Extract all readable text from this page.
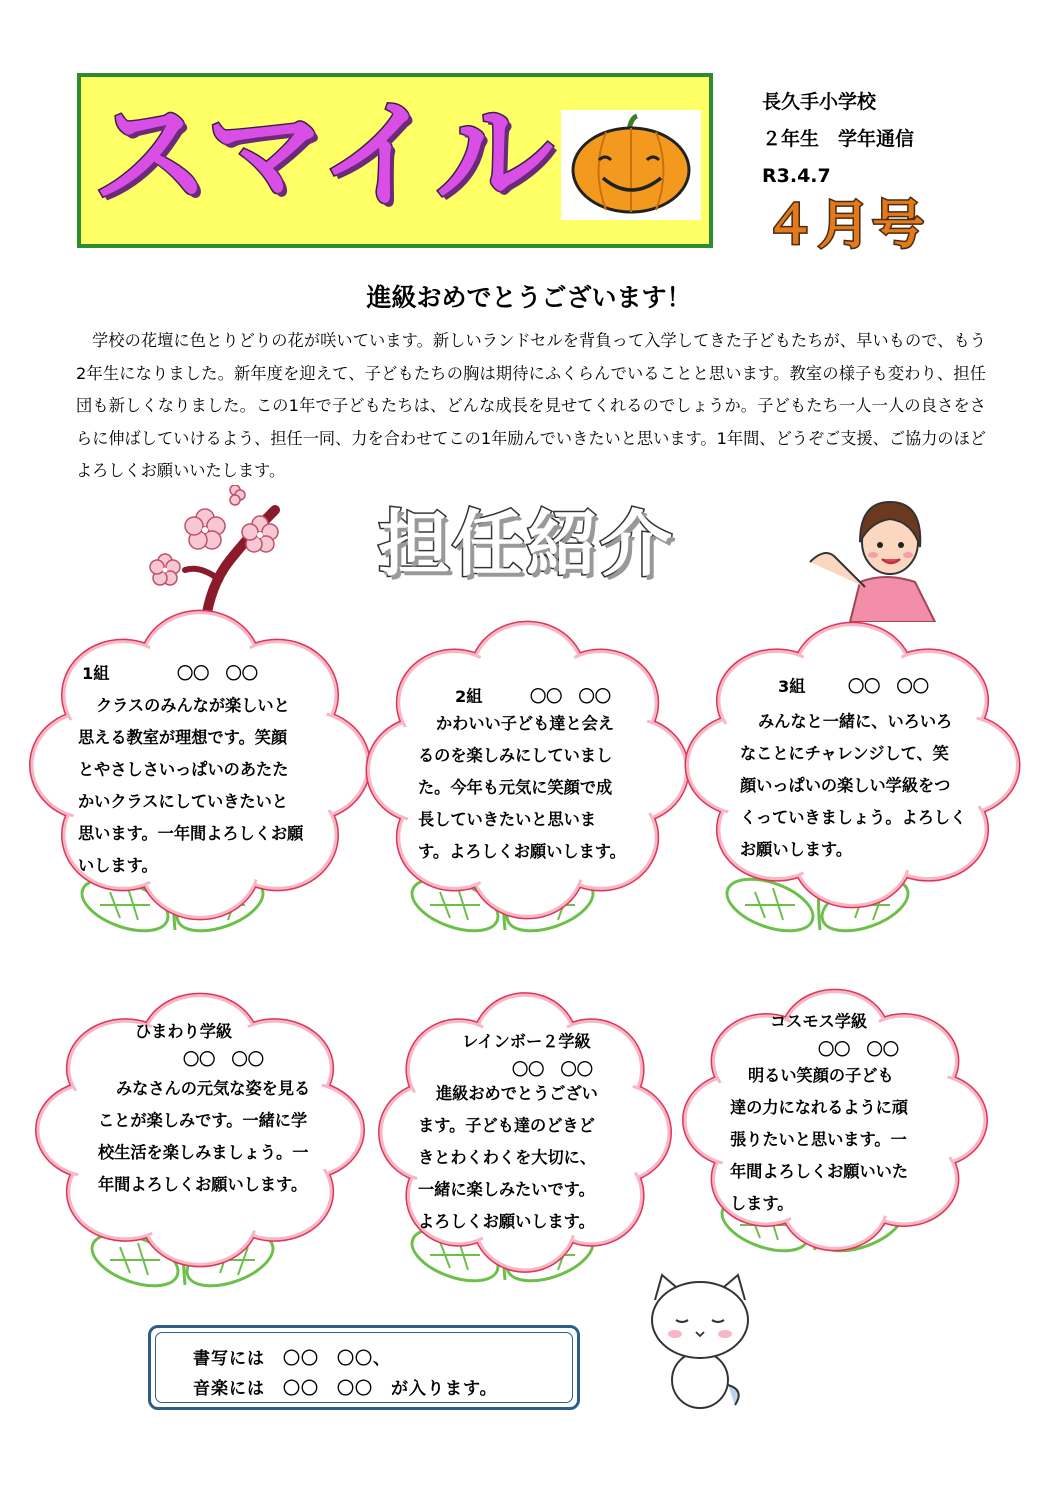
スマイル	長久手小学校
２年生　学年通信
R3.4.7
４月号
進級おめでとうございます！
学校の花壇に色とりどりの花が咲いています。新しいランドセルを背負って入学してきた子どもたちが、早いもので、もう2年生になりました。新年度を迎えて、子どもたちの胸は期待にふくらんでいることと思います。教室の様子も変わり、担任団も新しくなりました。この1年で子どもたちは、どんな成長を見せてくれるのでしょうか。子どもたち一人一人の良さをさらに伸ばしていけるよう、担任一同、力を合わせてこの1年励んでいきたいと思います。1年間、どうぞご支援、ご協力のほどよろしくお願いいたします。
担任紹介
1組	〇〇　〇〇
クラスのみんなが楽しいと
思える教室が理想です。笑顔
とやさしさいっぱいのあたた
かいクラスにしていきたいと
思います。一年間よろしくお願
いします。
2組	〇〇　〇〇
かわいい子ども達と会え
るのを楽しみにしていまし
た。今年も元気に笑顔で成
長していきたいと思いま
す。よろしくお願いします。
3組	〇〇　〇〇
みんなと一緒に、いろいろ
なことにチャレンジして、笑
顔いっぱいの楽しい学級をつ
くっていきましょう。よろしく
お願いします。
ひまわり学級
〇〇　〇〇
みなさんの元気な姿を見る
ことが楽しみです。一緒に学
校生活を楽しみましょう。一
年間よろしくお願いします。
レインボー２学級
〇〇　〇〇
進級おめでとうござい
ます。子ども達のどきど
きとわくわくを大切に、
一緒に楽しみたいです。
よろしくお願いします。
コスモス学級
〇〇　〇〇
明るい笑顔の子ども
達の力になれるように頑
張りたいと思います。一
年間よろしくお願いいた
します。
書写には　〇〇　〇〇、
音楽には　〇〇　〇〇　が入ります。
